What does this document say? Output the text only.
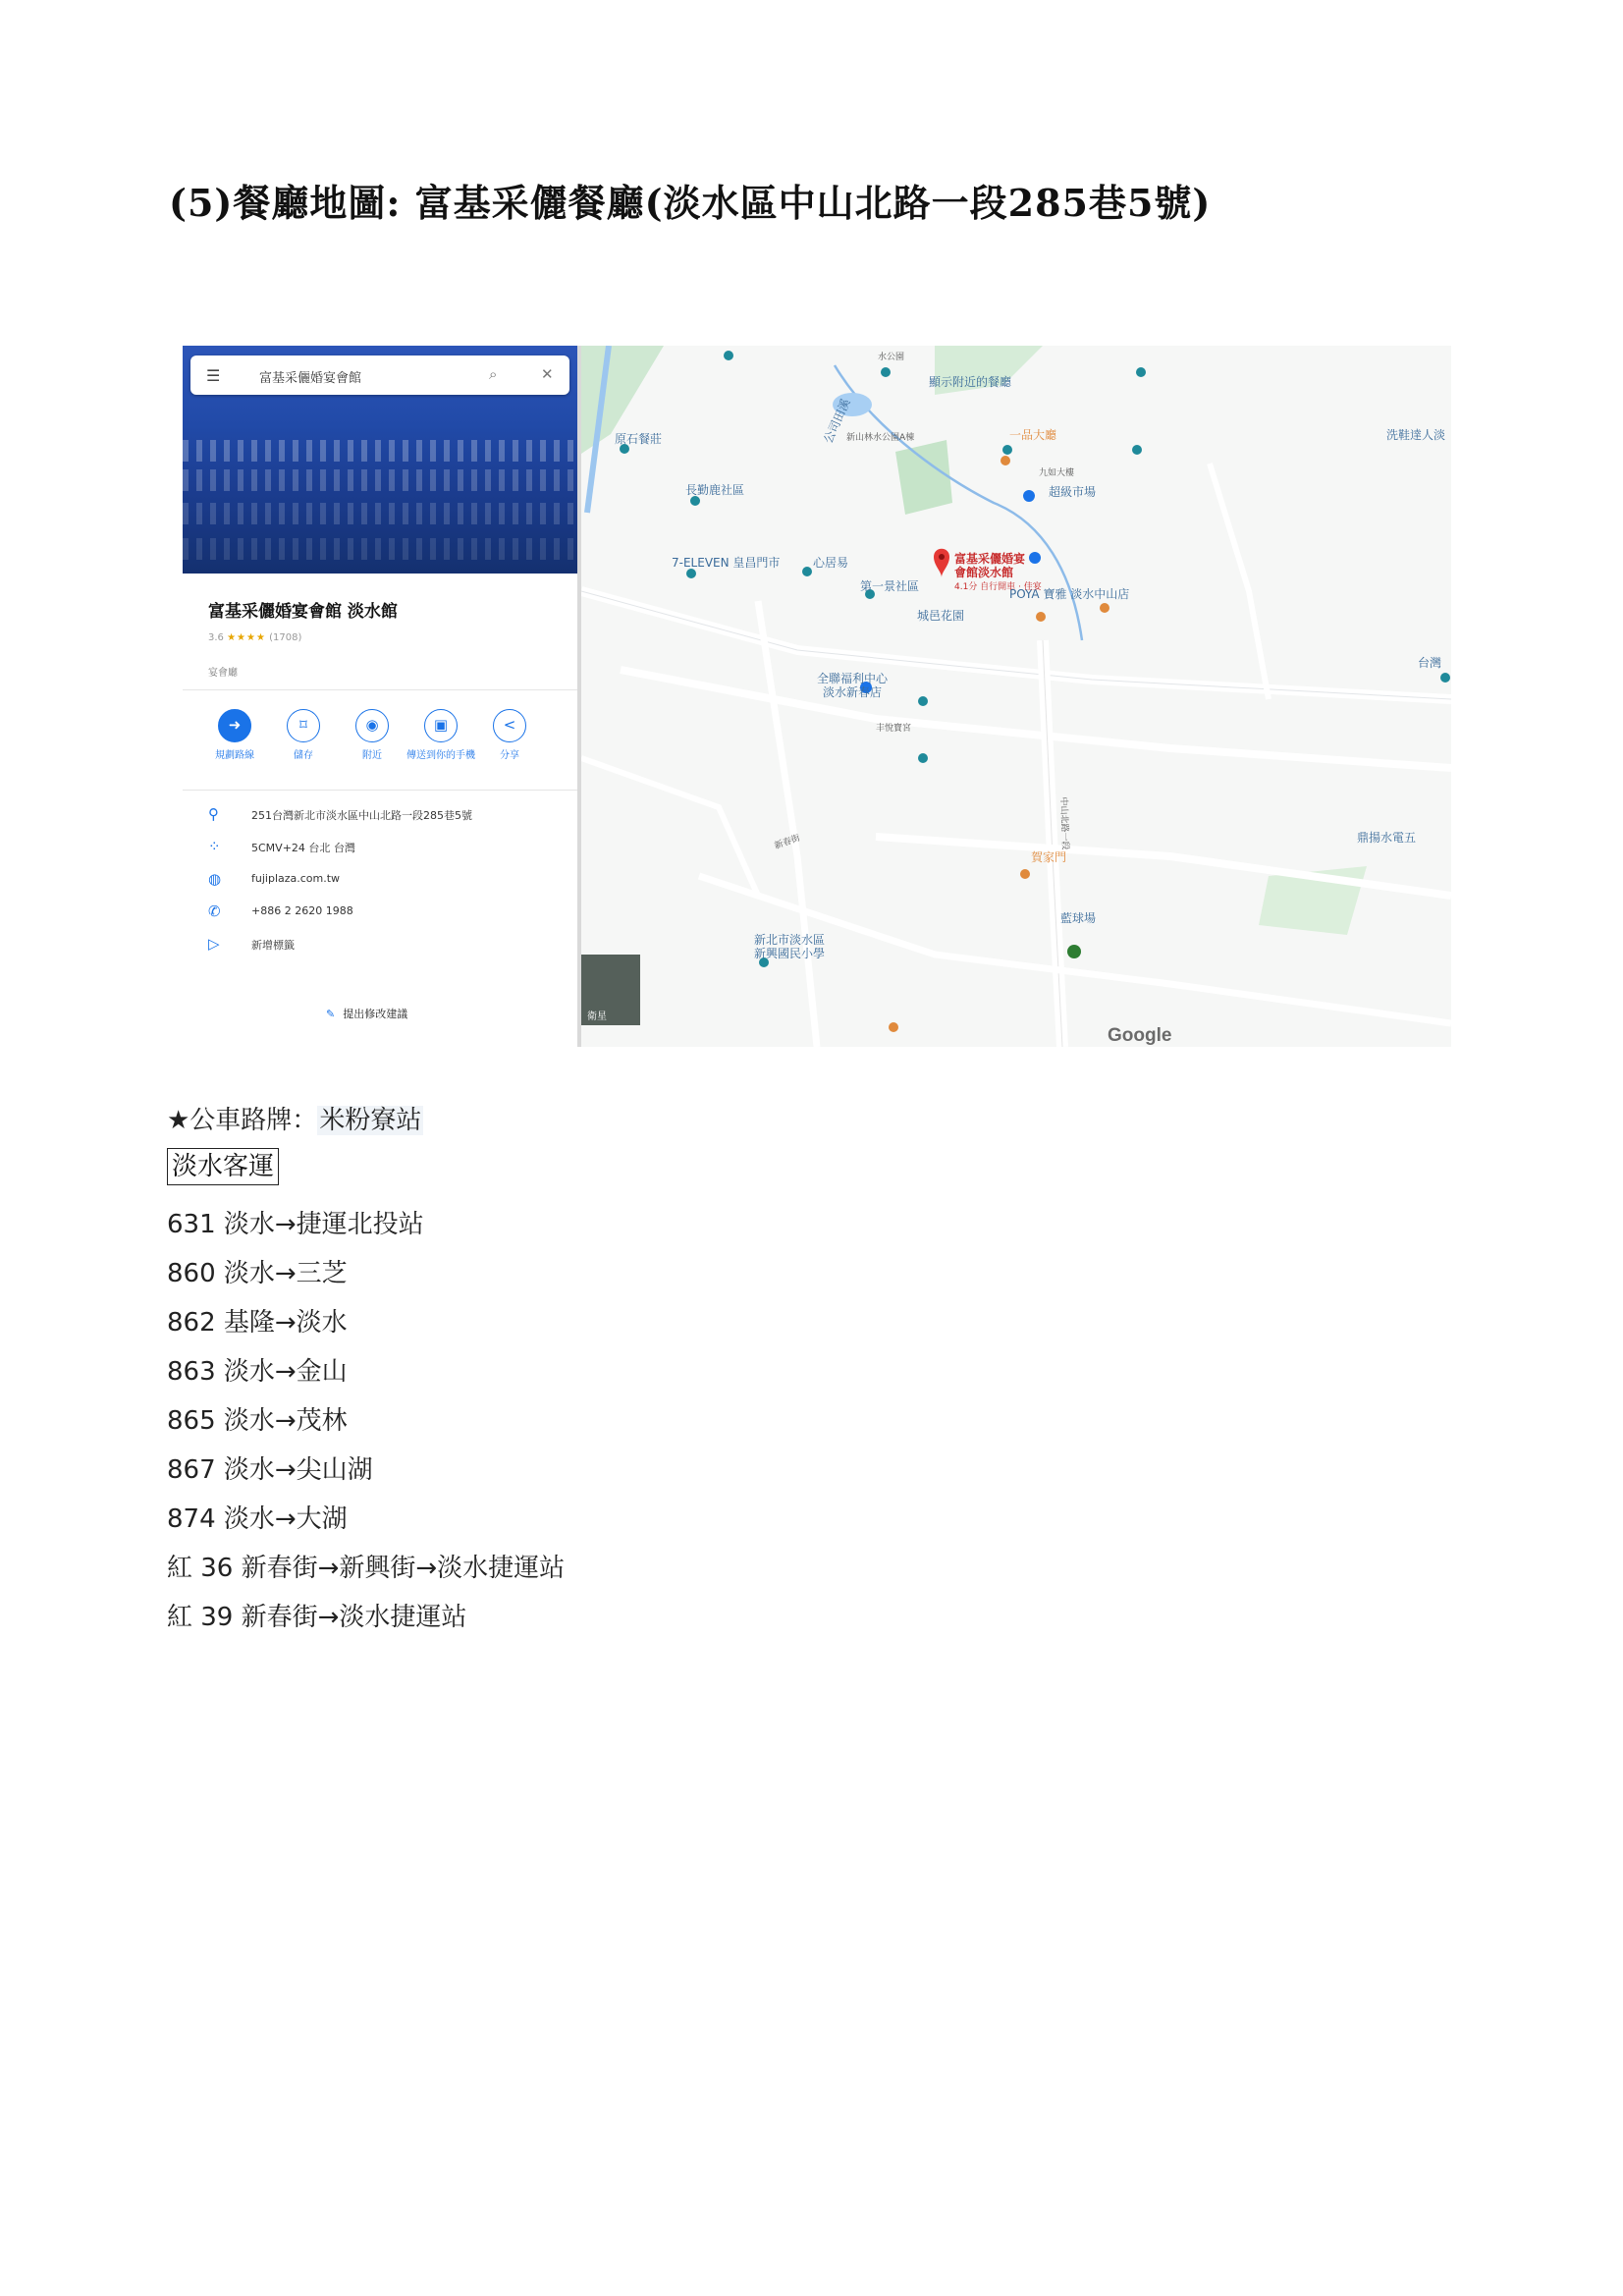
(5)餐廳地圖: 富基采儷餐廳(淡水區中山北路一段285巷5號)
☰	富基采儷婚宴會館	⌕	✕
富基采儷婚宴會館 淡水館
3.6 ★★★★ (1708)
宴會廳
➜
規劃路線
⌑
儲存
◉
附近
▣
傳送到你的手機
<
分享
⚲	251台灣新北市淡水區中山北路一段285巷5號
⁘	5CMV+24 台北 台灣
◍	fujiplaza.com.tw
✆	+886 2 2620 1988
▷	新增標籤
✎ 提出修改建議	衛星
公司田溪
原石餐莊
長勤鹿社區
7-ELEVEN 皇昌門市	心居易
第一景社區
城邑花園
全聯福利中心
淡水新春店
丰悅寶宮
新北市淡水區
新興國民小學
POYA 寶雅 淡水中山店
超級市場
九如大樓
顯示附近的餐廳
水公園
新山林水公園A棟
藍球場
鼎揚水電五
台灣
洗鞋達人淡
新春街	中山北路一段
賀家門
一品大廳
富基采儷婚宴
會館淡水館
4.1分 自行開車 · 佳宴
Google
★公車路牌：米粉寮站
淡水客運
631 淡水→捷運北投站
860 淡水→三芝
862 基隆→淡水
863 淡水→金山
865 淡水→茂林
867 淡水→尖山湖
874 淡水→大湖
紅 36 新春街→新興街→淡水捷運站
紅 39 新春街→淡水捷運站
